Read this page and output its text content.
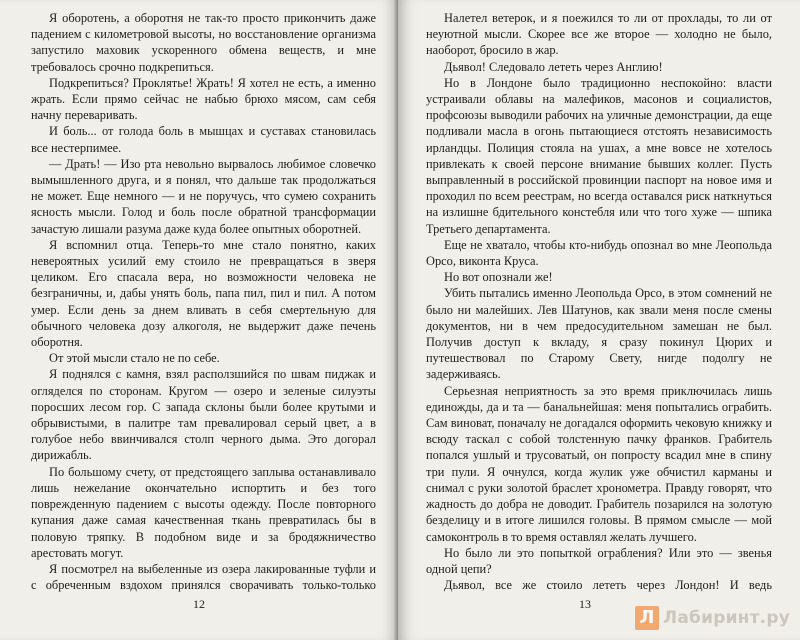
Я оборотень, а оборотня не так-то просто прикончить даже падением с километровой высоты, но восстановление организма запустило маховик ускоренного обмена веществ, и мне требовалось срочно подкрепиться.

Подкрепиться? Проклятье! Жрать! Я хотел не есть, а именно жрать. Если прямо сейчас не набью брюхо мясом, сам себя начну переваривать.

И боль... от голода боль в мышцах и суставах становилась все нестерпимее.

— Драть! — Изо рта невольно вырвалось любимое словечко вымышленного друга, и я понял, что дальше так продолжаться не может. Еще немного — и не поручусь, что сумею сохранить ясность мысли. Голод и боль после обратной трансформации зачастую лишали разума даже куда более опытных оборотней.

Я вспомнил отца. Теперь-то мне стало понятно, каких невероятных усилий ему стоило не превращаться в зверя целиком. Его спасала вера, но возможности человека не безграничны, и, дабы унять боль, папа пил, пил и пил. А потом умер. Если день за днем вливать в себя смертельную для обычного человека дозу алкоголя, не выдержит даже печень оборотня.

От этой мысли стало не по себе.

Я поднялся с камня, взял расползшийся по швам пиджак и огляделся по сторонам. Кругом — озеро и зеленые силуэты поросших лесом гор. С запада склоны были более крутыми и обрывистыми, в палитре там превалировал серый цвет, а в голубое небо ввинчивался столп черного дыма. Это догорал дирижабль.

По большому счету, от предстоящего заплыва останавливало лишь нежелание окончательно испортить и без того поврежденную падением с высоты одежду. После повторного купания даже самая качественная ткань превратилась бы в половую тряпку. В подобном виде и за бродяжничество арестовать могут.

Я посмотрел на выбеленные из озера лакированные туфли и с обреченным вздохом принялся сворачивать только-только

12

Налетел ветерок, и я поежился то ли от прохлады, то ли от неуютной мысли. Скорее все же второе — холодно не было, наоборот, бросило в жар.

Дьявол! Следовало лететь через Англию!

Но в Лондоне было традиционно неспокойно: власти устраивали облавы на малефиков, масонов и социалистов, профсоюзы выводили рабочих на уличные демонстрации, да еще подливали масла в огонь пытающиеся отстоять независимость ирландцы. Полиция стояла на ушах, а мне вовсе не хотелось привлекать к своей персоне внимание бывших коллег. Пусть выправленный в российской провинции паспорт на новое имя и проходил по всем реестрам, но всегда оставался риск наткнуться на излишне бдительного констебля или что того хуже — шпика Третьего департамента.

Еще не хватало, чтобы кто-нибудь опознал во мне Леопольда Орсо, виконта Круса.

Но вот опознали же!

Убить пытались именно Леопольда Орсо, в этом сомнений не было ни малейших. Лев Шатунов, как звали меня после смены документов, ни в чем предосудительном замешан не был. Получив доступ к вкладу, я сразу покинул Цюрих и путешествовал по Старому Свету, нигде подолгу не задерживаясь.

Серьезная неприятность за это время приключилась лишь единожды, да и та — банальнейшая: меня попытались ограбить. Сам виноват, поначалу не догадался оформить чековую книжку и всюду таскал с собой толстенную пачку франков. Грабитель попался ушлый и трусоватый, он попросту всадил мне в спину три пули. Я очнулся, когда жулик уже обчистил карманы и снимал с руки золотой браслет хронометра. Правду говорят, что жадность до добра не доводит. Грабитель позарился на золотую безделицу и в итоге лишился головы. В прямом смысле — мой самоконтроль в то время оставлял желать лучшего.

Но было ли это попыткой ограбления? Или это — звенья одной цепи?

Дьявол, все же стоило лететь через Лондон! И ведь

13
Л Лабиринт.ру
